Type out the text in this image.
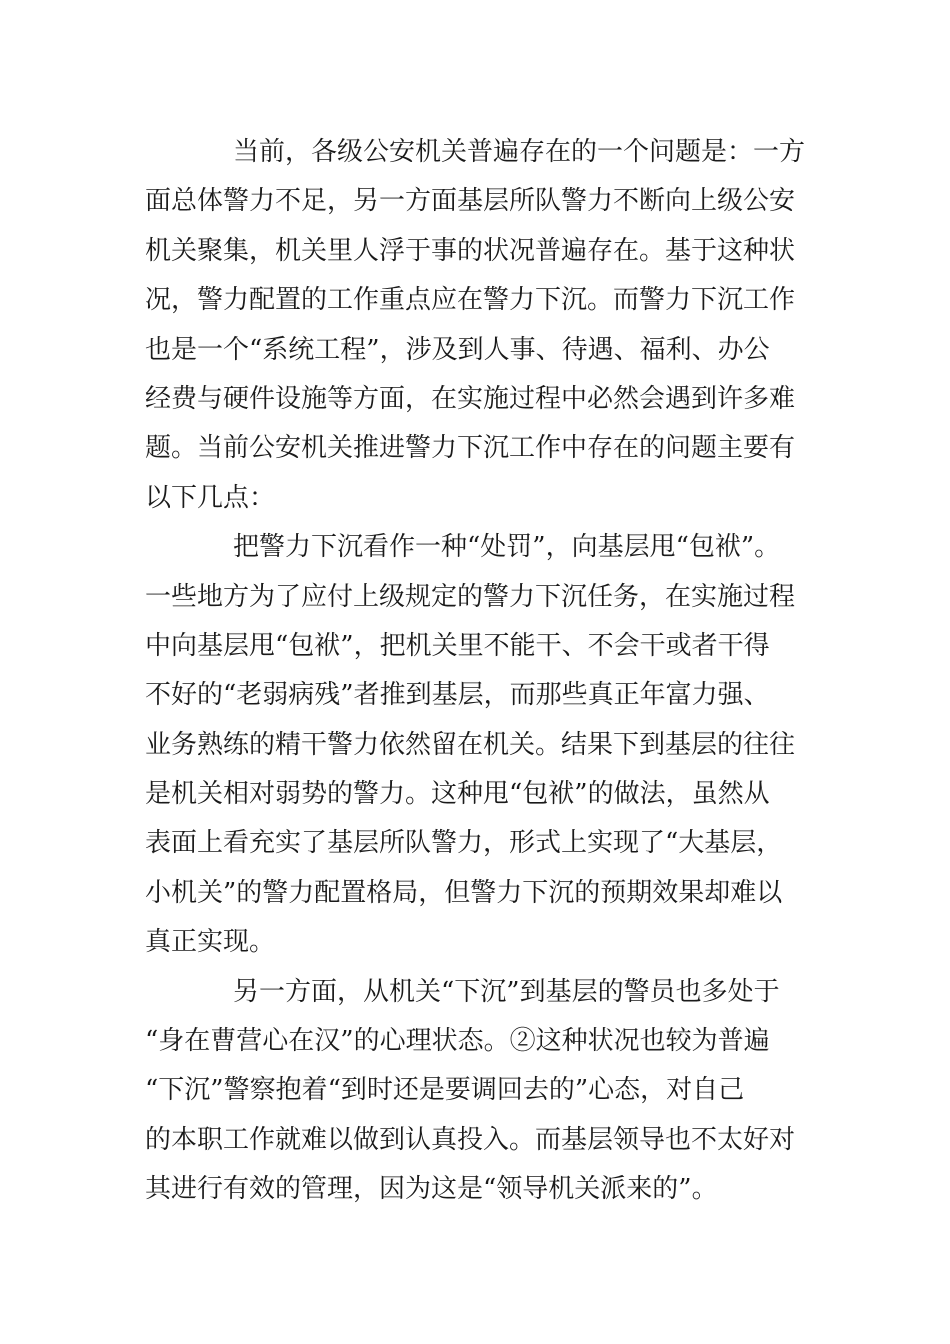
当前，各级公安机关普遍存在的一个问题是：一方
面总体警力不足，另一方面基层所队警力不断向上级公安
机关聚集，机关里人浮于事的状况普遍存在。基于这种状
况，警力配置的工作重点应在警力下沉。而警力下沉工作
也是一个“系统工程”，涉及到人事、待遇、福利、办公
经费与硬件设施等方面，在实施过程中必然会遇到许多难
题。当前公安机关推进警力下沉工作中存在的问题主要有
以下几点：

把警力下沉看作一种“处罚”，向基层甩“包袱”。
一些地方为了应付上级规定的警力下沉任务，在实施过程
中向基层甩“包袱”，把机关里不能干、不会干或者干得
不好的“老弱病残”者推到基层，而那些真正年富力强、
业务熟练的精干警力依然留在机关。结果下到基层的往往
是机关相对弱势的警力。这种甩“包袱”的做法，虽然从
表面上看充实了基层所队警力，形式上实现了“大基层，
小机关”的警力配置格局，但警力下沉的预期效果却难以
真正实现。

另一方面，从机关“下沉”到基层的警员也多处于
“身在曹营心在汉”的心理状态。②这种状况也较为普遍
“下沉”警察抱着“到时还是要调回去的”心态，对自己
的本职工作就难以做到认真投入。而基层领导也不太好对
其进行有效的管理，因为这是“领导机关派来的”。
